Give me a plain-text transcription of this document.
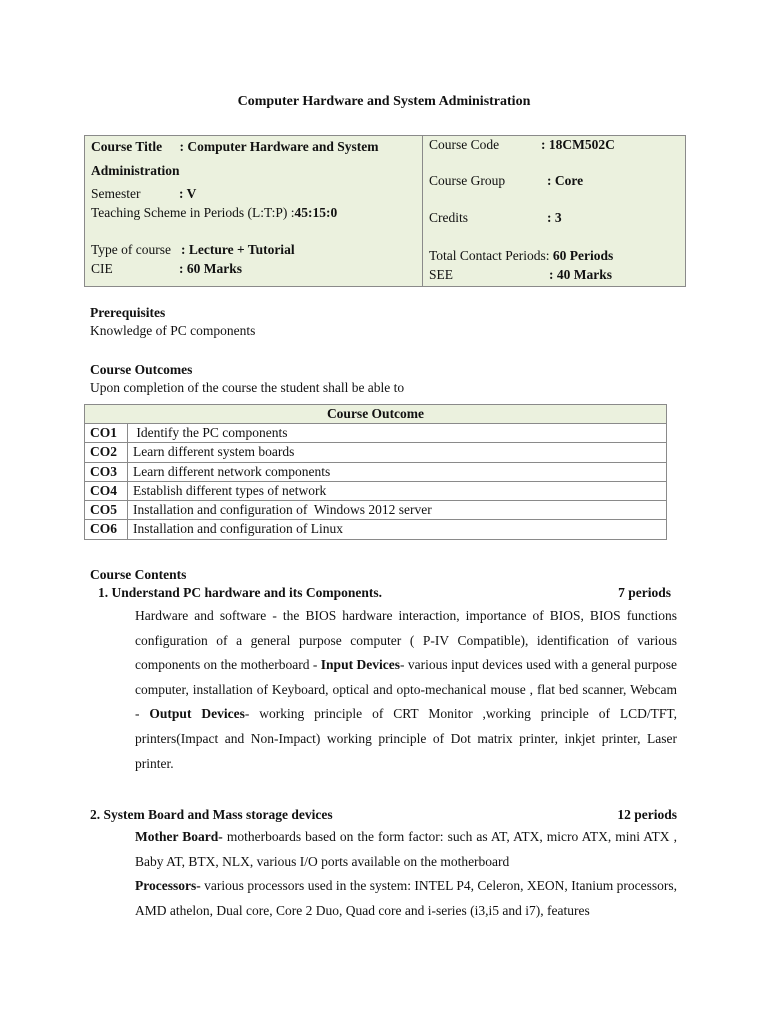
Computer Hardware and System Administration
Course Title : Computer Hardware and System
Administration
Semester	: V
Teaching Scheme in Periods (L:T:P) :45:15:0
Type of course : Lecture + Tutorial
CIE	: 60 Marks
Course Code	: 18CM502C
Course Group	: Core
Credits	: 3
Total Contact Periods: 60 Periods
SEE	: 40 Marks
Prerequisites
Knowledge of PC components
Course Outcomes
Upon completion of the course the student shall be able to
Course Outcome	
CO1	Identify the PC components
CO2	Learn different system boards
CO3	Learn different network components
CO4	Establish different types of network
CO5	Installation and configuration of  Windows 2012 server
CO6	Installation and configuration of Linux
Course Contents
1. Understand PC hardware and its Components.	7 periods

Hardware and software - the BIOS hardware interaction, importance of BIOS, BIOS functions configuration of a general purpose computer ( P-IV Compatible), identification of various components on the motherboard - Input Devices- various input devices used with a general purpose computer, installation of Keyboard, optical and opto-mechanical mouse , flat bed scanner, Webcam - Output Devices- working principle of CRT Monitor ,working principle of LCD/TFT, printers(Impact and Non-Impact) working principle of Dot matrix printer, inkjet printer, Laser printer.

2. System Board and Mass storage devices	12 periods

Mother Board- motherboards based on the form factor: such as AT, ATX, micro ATX, mini ATX , Baby AT, BTX, NLX, various I/O ports available on the motherboard

Processors- various processors used in the system: INTEL P4, Celeron, XEON, Itanium processors, AMD athelon, Dual core, Core 2 Duo, Quad core and i-series (i3,i5 and i7), features
